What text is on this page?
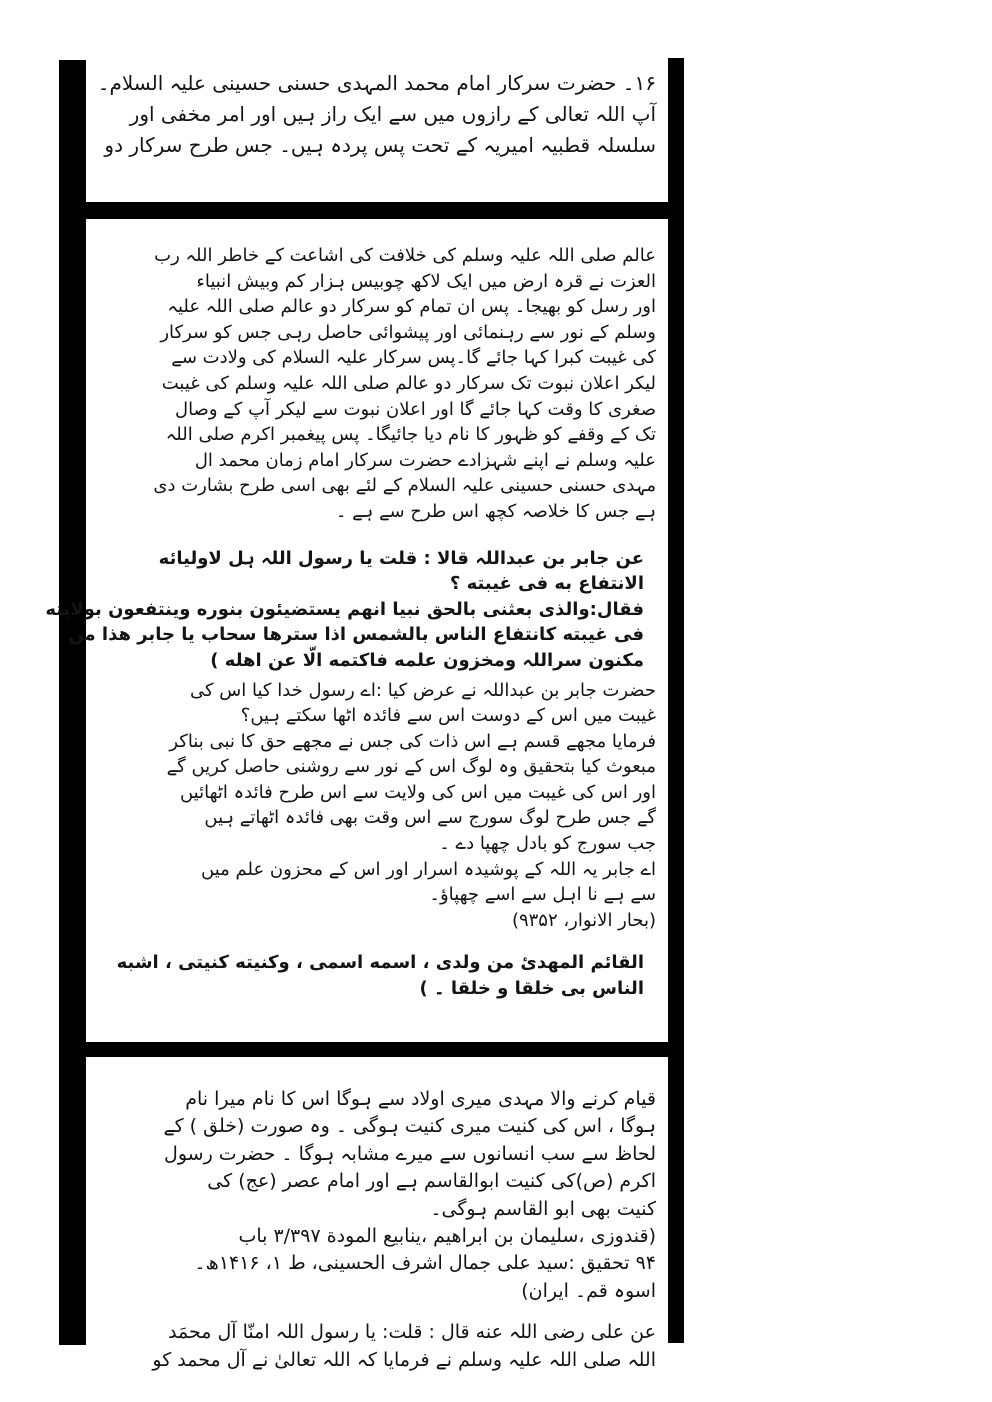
۱۶۔ حضرت سرکار امام محمد المہدی حسنی حسینی علیہ السلام۔
آپ اللہ تعالی کے رازوں میں سے ایک راز ہیں اور امر مخفی اور
سلسلہ قطبیہ امیریہ کے تحت پس پردہ ہیں۔ جس طرح سرکار دو
عالم صلی اللہ علیہ وسلم کی خلافت کی اشاعت کے خاطر اللہ رب
العزت نے قرہ ارض میں ایک لاکھ چوبیس ہزار کم وبیش انبیاء
اور رسل کو بھیجا۔ پس ان تمام کو سرکار دو عالم صلی اللہ علیہ
وسلم کے نور سے رہنمائی اور پیشوائی حاصل رہی جس کو سرکار
کی غیبت کبرا کہا جائے گا۔پس سرکار علیہ السلام کی ولادت سے
لیکر اعلان نبوت تک سرکار دو عالم صلی اللہ علیہ وسلم کی غیبت
صغری کا وقت کہا جائے گا اور اعلان نبوت سے لیکر آپ کے وصال
تک کے وقفے کو ظہور کا نام دیا جائیگا۔ پس پیغمبر اکرم صلی اللہ
علیہ وسلم نے اپنے شہزادے حضرت سرکار امام زمان محمد ال
مہدی حسنی حسینی علیہ السلام کے لئے بھی اسی طرح بشارت دی
ہے جس کا خلاصہ کچھ اس طرح سے ہے ۔
عن جابر بن عبداللہ قالا : قلت یا رسول اللہ ہل لاولیائه
الانتفاع به فی غیبته ؟
فقال:والذی بعثنی بالحق نبیا انھم یستضیئون بنوره وینتفعون بولایته
فی غیبته کانتفاع الناس بالشمس اذا سترھا سحاب یا جابر ھذا من
مکنون سراللہ ومخزون علمه فاکتمه الّا عن اهله )
حضرت جابر بن عبداللہ نے عرض کیا :اے رسول خدا کیا اس کی
غیبت میں اس کے دوست اس سے فائدہ اٹھا سکتے ہیں؟
فرمایا مجھے قسم ہے اس ذات کی جس نے مجھے حق کا نبی بناکر
مبعوث کیا بتحقیق وہ لوگ اس کے نور سے روشنی حاصل کریں گے
اور اس کی غیبت میں اس کی ولایت سے اس طرح فائدہ اٹھائیں
گے جس طرح لوگ سورج سے اس وقت بھی فائدہ اٹھاتے ہیں
جب سورج کو بادل چھپا دے ۔
اے جابر یہ اللہ کے پوشیدہ اسرار اور اس کے محزون علم میں
سے ہے نا اہل سے اسے چھپاؤ۔
(بحار الانوار، ۹۳۵۲)
القائم المهدیٔ من ولدی ، اسمه اسمی ، وکنیته کنیتی ، اشبه
الناس بی خلقا و خلقا ۔ )
قیام کرنے والا مہدی میری اولاد سے ہوگا اس کا نام میرا نام
ہوگا ، اس کی کنیت میری کنیت ہوگی ۔ وہ صورت (خلق ) کے
لحاظ سے سب انسانوں سے میرے مشابہ ہوگا ۔ حضرت رسول
اکرم (ص)کی کنیت ابوالقاسم ہے اور امام عصر (عج) کی
کنیت بھی ابو القاسم ہوگی۔
(قندوزی ،سلیمان بن ابراھیم ،ینابیع المودة ۳/۳۹۷ باب
۹۴ تحقیق :سید علی جمال اشرف الحسینی، ط ۱، ۱۴۱۶ھ۔
اسوہ قم۔ ایران)
عن علی رضی اللہ عنه قال : قلت: یا رسول اللہ امنّا آل محمَد
اللہ صلی اللہ علیہ وسلم نے فرمایا کہ اللہ تعالیٰ نے آل محمد کو
